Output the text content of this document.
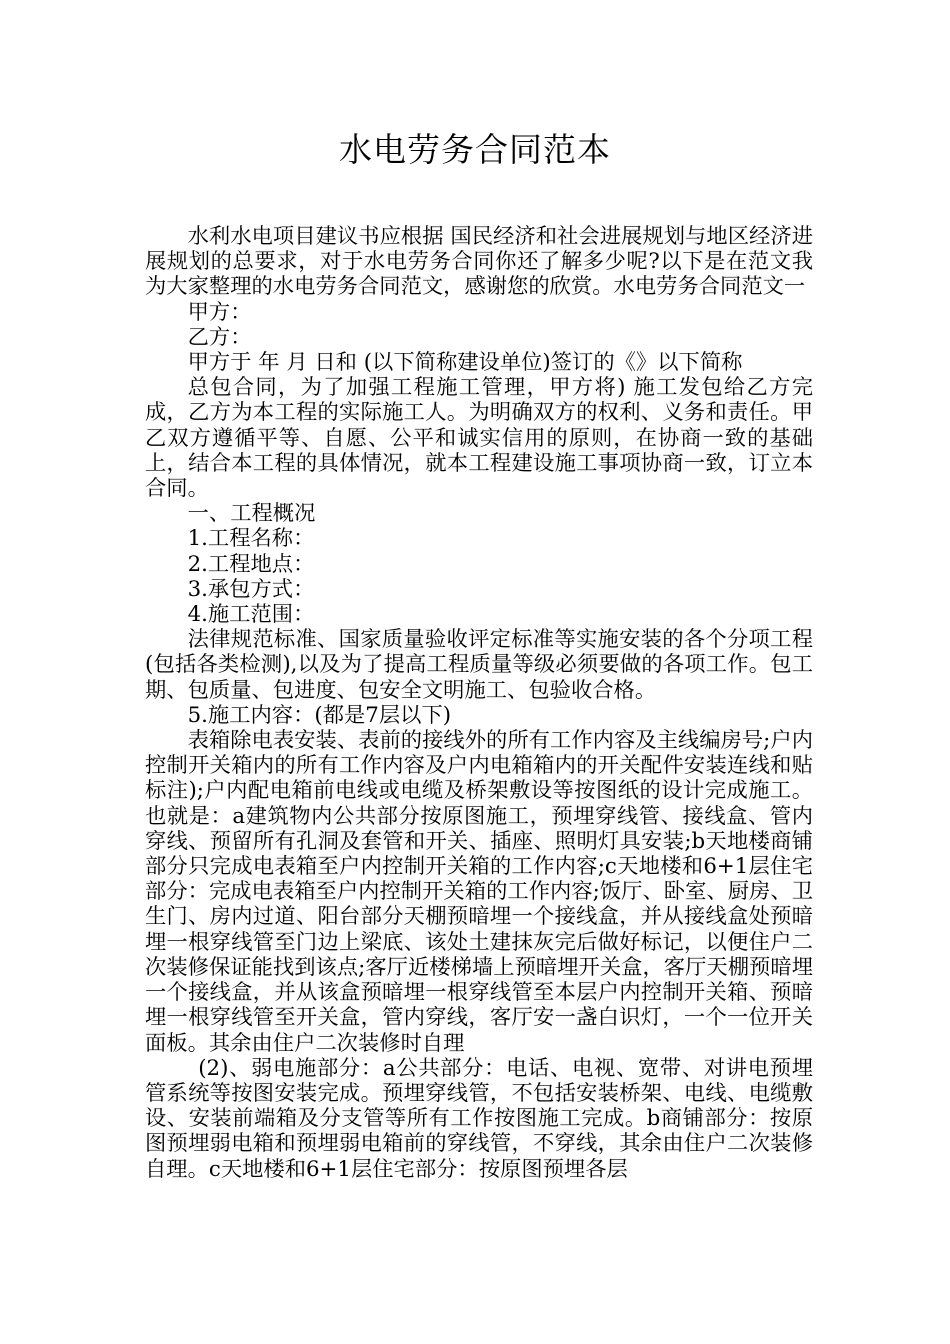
水电劳务合同范本

水利水电项目建议书应根据 国民经济和社会进展规划与地区经济进展规划的总要求，对于水电劳务合同你还了解多少呢?以下是在范文我为大家整理的水电劳务合同范文，感谢您的欣赏。水电劳务合同范文一

甲方：

乙方：

甲方于 年 月 日和 (以下简称建设单位)签订的《》以下简称

总包合同，为了加强工程施工管理，甲方将) 施工发包给乙方完成，乙方为本工程的实际施工人。为明确双方的权利、义务和责任。甲乙双方遵循平等、自愿、公平和诚实信用的原则，在协商一致的基础上，结合本工程的具体情况，就本工程建设施工事项协商一致，订立本合同。

一、工程概况

1.工程名称：

2.工程地点：

3.承包方式：

4.施工范围：

法律规范标准、国家质量验收评定标准等实施安装的各个分项工程(包括各类检测),以及为了提高工程质量等级必须要做的各项工作。包工期、包质量、包进度、包安全文明施工、包验收合格。

5.施工内容：(都是7层以下)

表箱除电表安装、表前的接线外的所有工作内容及主线编房号;户内控制开关箱内的所有工作内容及户内电箱箱内的开关配件安装连线和贴标注);户内配电箱前电线或电缆及桥架敷设等按图纸的设计完成施工。也就是：a建筑物内公共部分按原图施工，预埋穿线管、接线盒、管内穿线、预留所有孔洞及套管和开关、插座、照明灯具安装;b天地楼商铺部分只完成电表箱至户内控制开关箱的工作内容;c天地楼和6+1层住宅部分：完成电表箱至户内控制开关箱的工作内容;饭厅、卧室、厨房、卫生门、房内过道、阳台部分天棚预暗埋一个接线盒，并从接线盒处预暗埋一根穿线管至门边上梁底、该处土建抹灰完后做好标记，以便住户二次装修保证能找到该点;客厅近楼梯墙上预暗埋开关盒，客厅天棚预暗埋一个接线盒，并从该盒预暗埋一根穿线管至本层户内控制开关箱、预暗埋一根穿线管至开关盒，管内穿线，客厅安一盏白识灯，一个一位开关面板。其余由住户二次装修时自理

(2)、弱电施部分：a公共部分：电话、电视、宽带、对讲电预埋管系统等按图安装完成。预埋穿线管，不包括安装桥架、电线、电缆敷设、安装前端箱及分支管等所有工作按图施工完成。b商铺部分：按原图预埋弱电箱和预埋弱电箱前的穿线管，不穿线，其余由住户二次装修自理。c天地楼和6+1层住宅部分：按原图预埋各层
